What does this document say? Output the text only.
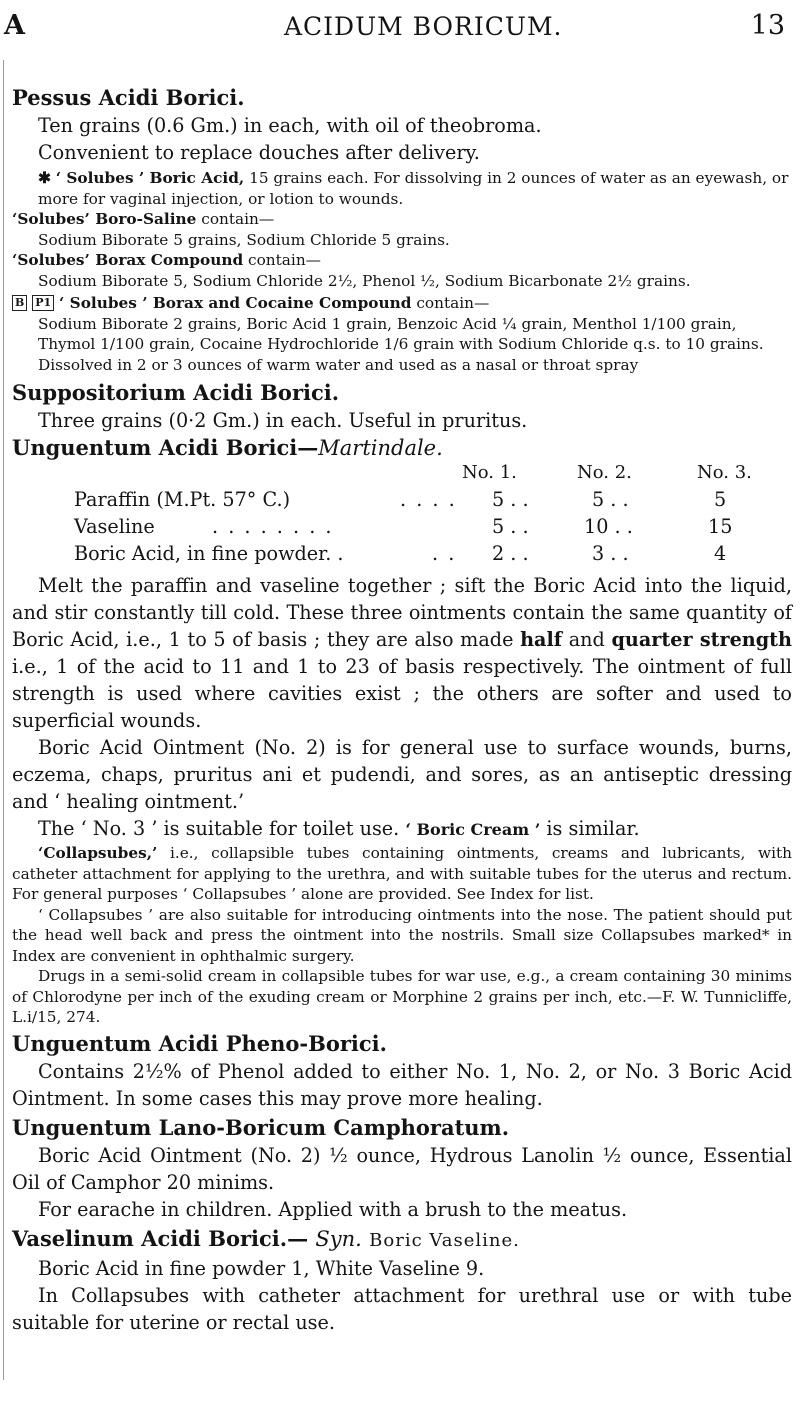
A	ACIDUM BORICUM.	13

Pessus Acidi Borici.

Ten grains (0.6 Gm.) in each, with oil of theobroma.

Convenient to replace douches after delivery.

✱ ‘ Solubes ’ Boric Acid, 15 grains each. For dissolving in 2 ounces of water as an eyewash, or more for vaginal injection, or lotion to wounds.

‘Solubes’ Boro-Saline contain—

Sodium Biborate 5 grains, Sodium Chloride 5 grains.

‘Solubes’ Borax Compound contain—

Sodium Biborate 5, Sodium Chloride 2½, Phenol ½, Sodium Bicarbonate 2½ grains.

B P1 ‘ Solubes ’ Borax and Cocaine Compound contain—

Sodium Biborate 2 grains, Boric Acid 1 grain, Benzoic Acid ¼ grain, Menthol 1/100 grain, Thymol 1/100 grain, Cocaine Hydrochloride 1/6 grain with Sodium Chloride q.s. to 10 grains.

Dissolved in 2 or 3 ounces of warm water and used as a nasal or throat spray

Suppositorium Acidi Borici.

Three grains (0·2 Gm.) in each. Useful in pruritus.

Unguentum Acidi Borici—Martindale.

No. 1.	No. 2.	No. 3.
Paraffin (M.Pt. 57° C.)	. . . . 5 . .	5 . .	5
Vaseline	. . . . . . . .	5 . .	10 . .	15
Boric Acid, in fine powder. .	. . 2 . .	3 . .	4

Melt the paraffin and vaseline together ; sift the Boric Acid into the liquid, and stir constantly till cold. These three ointments contain the same quantity of Boric Acid, i.e., 1 to 5 of basis ; they are also made half and quarter strength i.e., 1 of the acid to 11 and 1 to 23 of basis respectively. The ointment of full strength is used where cavities exist ; the others are softer and used to superficial wounds.

Boric Acid Ointment (No. 2) is for general use to surface wounds, burns, eczema, chaps, pruritus ani et pudendi, and sores, as an antiseptic dressing and ‘ healing ointment.’

The ‘ No. 3 ’ is suitable for toilet use. ‘ Boric Cream ’ is similar.

‘Collapsubes,’ i.e., collapsible tubes containing ointments, creams and lubricants, with catheter attachment for applying to the urethra, and with suitable tubes for the uterus and rectum. For general purposes ‘ Collapsubes ’ alone are provided. See Index for list.

‘ Collapsubes ’ are also suitable for introducing ointments into the nose. The patient should put the head well back and press the ointment into the nostrils. Small size Collapsubes marked* in Index are convenient in ophthalmic surgery.

Drugs in a semi-solid cream in collapsible tubes for war use, e.g., a cream containing 30 minims of Chlorodyne per inch of the exuding cream or Morphine 2 grains per inch, etc.—F. W. Tunnicliffe, L.i/15, 274.

Unguentum Acidi Pheno-Borici.

Contains 2½% of Phenol added to either No. 1, No. 2, or No. 3 Boric Acid Ointment. In some cases this may prove more healing.

Unguentum Lano-Boricum Camphoratum.

Boric Acid Ointment (No. 2) ½ ounce, Hydrous Lanolin ½ ounce, Essential Oil of Camphor 20 minims.

For earache in children. Applied with a brush to the meatus.

Vaselinum Acidi Borici.— Syn. Boric Vaseline.

Boric Acid in fine powder 1, White Vaseline 9.

In Collapsubes with catheter attachment for urethral use or with tube suitable for uterine or rectal use.
